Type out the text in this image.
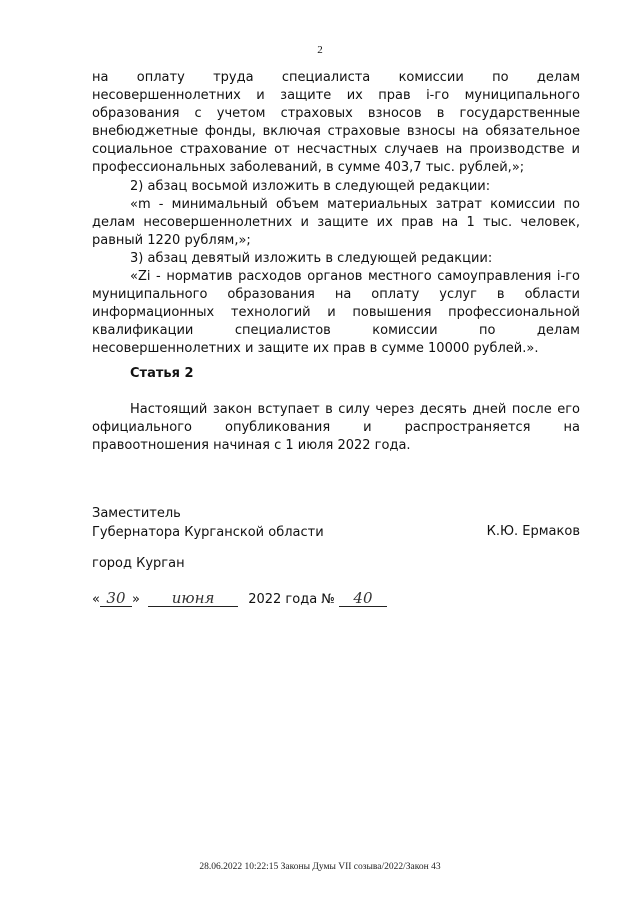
2

на оплату труда специалиста комиссии по делам несовершеннолетних и защите их прав i-го муниципального образования с учетом страховых взносов в государственные внебюджетные фонды, включая страховые взносы на обязательное социальное страхование от несчастных случаев на производстве и профессиональных заболеваний, в сумме 403,7 тыс. рублей,»;

2) абзац восьмой изложить в следующей редакции:

«m - минимальный объем материальных затрат комиссии по делам несовершеннолетних и защите их прав на 1 тыс. человек, равный 1220 рублям,»;

3) абзац девятый изложить в следующей редакции:

«Zi - норматив расходов органов местного самоуправления i-го муниципального образования на оплату услуг в области информационных технологий и повышения профессиональной квалификации специалистов комиссии по делам несовершеннолетних и защите их прав в сумме 10000 рублей.».

Статья 2
Настоящий закон вступает в силу через десять дней после его официального опубликования и распространяется на правоотношения начиная с 1 июля 2022 года.
Заместитель
Губернатора Курганской области	К.Ю. Ермаков
город Курган
« 30 » июня	2022 года № 40
28.06.2022 10:22:15 Законы Думы VII созыва/2022/Закон 43
